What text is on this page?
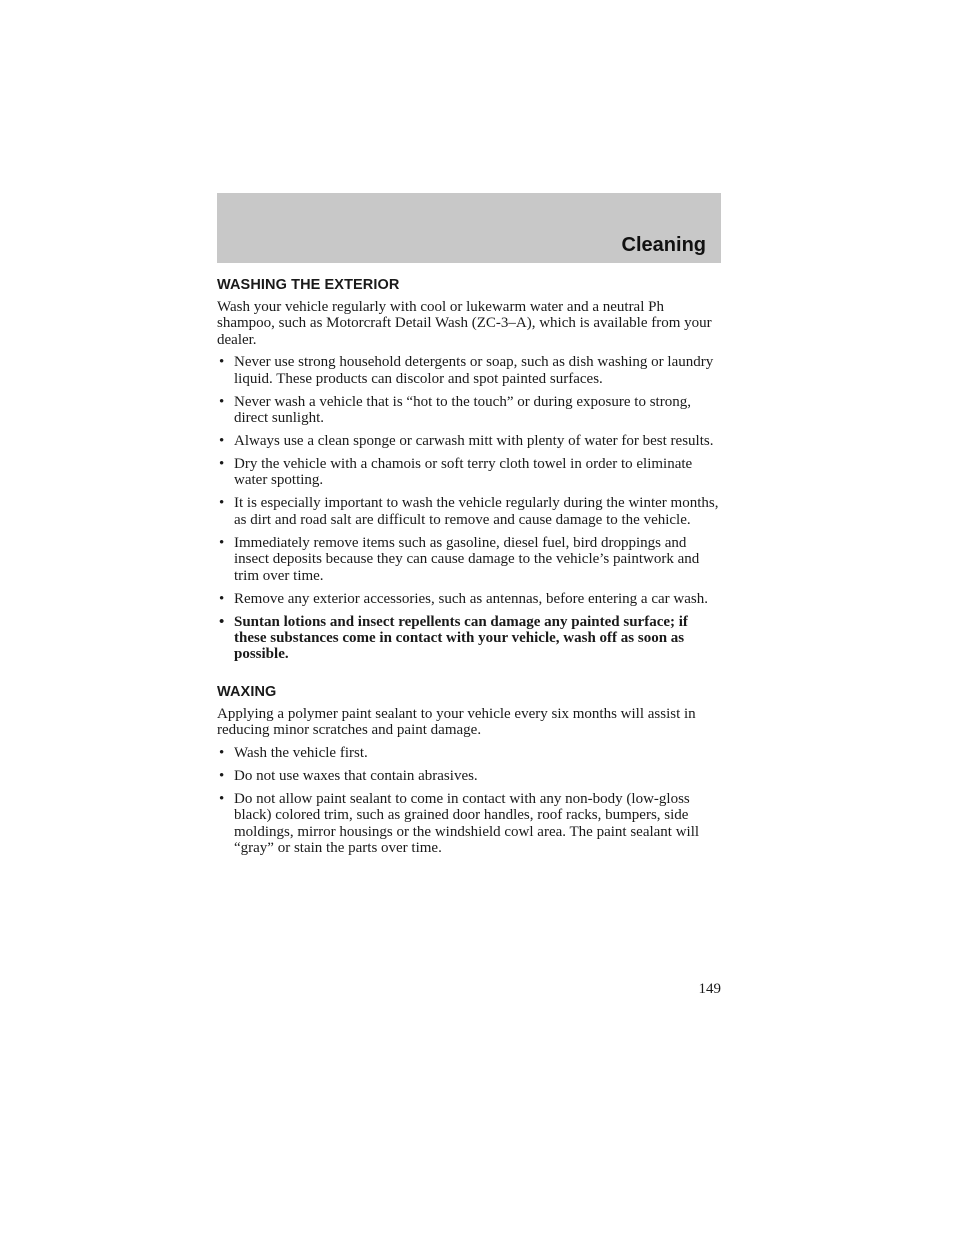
Cleaning
WASHING THE EXTERIOR

Wash your vehicle regularly with cool or lukewarm water and a neutral Ph shampoo, such as Motorcraft Detail Wash (ZC-3–A), which is available from your dealer.

• Never use strong household detergents or soap, such as dish washing or laundry liquid. These products can discolor and spot painted surfaces.
• Never wash a vehicle that is “hot to the touch” or during exposure to strong, direct sunlight.
• Always use a clean sponge or carwash mitt with plenty of water for best results.
• Dry the vehicle with a chamois or soft terry cloth towel in order to eliminate water spotting.
• It is especially important to wash the vehicle regularly during the winter months, as dirt and road salt are difficult to remove and cause damage to the vehicle.
• Immediately remove items such as gasoline, diesel fuel, bird droppings and insect deposits because they can cause damage to the vehicle’s paintwork and trim over time.
• Remove any exterior accessories, such as antennas, before entering a car wash.
• Suntan lotions and insect repellents can damage any painted surface; if these substances come in contact with your vehicle, wash off as soon as possible.
WAXING

Applying a polymer paint sealant to your vehicle every six months will assist in reducing minor scratches and paint damage.

• Wash the vehicle first.
• Do not use waxes that contain abrasives.
• Do not allow paint sealant to come in contact with any non-body (low-gloss black) colored trim, such as grained door handles, roof racks, bumpers, side moldings, mirror housings or the windshield cowl area. The paint sealant will “gray” or stain the parts over time.
149
